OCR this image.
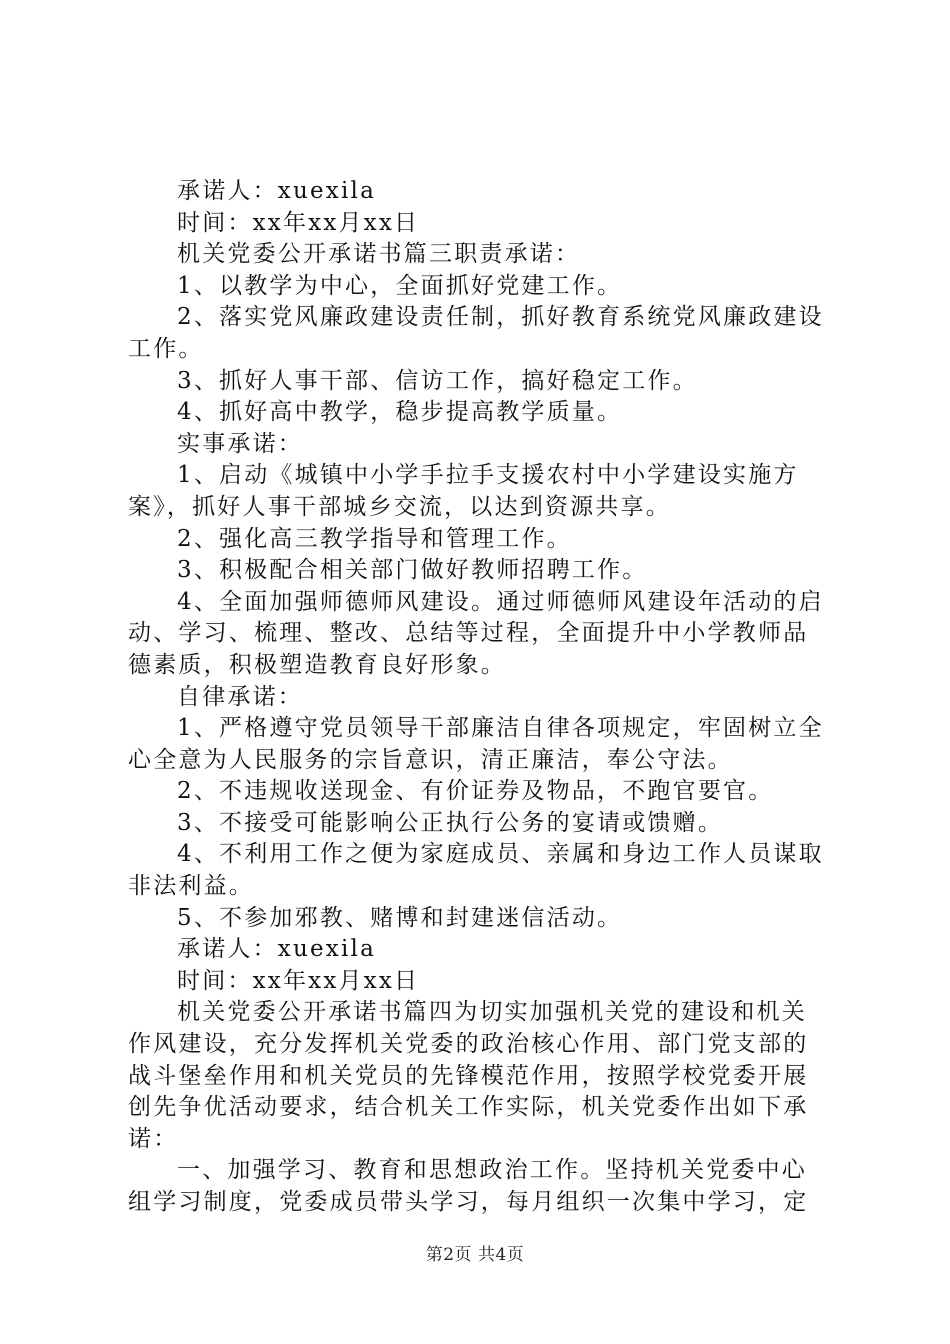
承诺人：xuexila
时间：xx年xx月xx日
机关党委公开承诺书篇三职责承诺：
1、以教学为中心，全面抓好党建工作。
2、落实党风廉政建设责任制，抓好教育系统党风廉政建设
工作。
3、抓好人事干部、信访工作，搞好稳定工作。
4、抓好高中教学，稳步提高教学质量。
实事承诺：
1、启动《城镇中小学手拉手支援农村中小学建设实施方
案》，抓好人事干部城乡交流，以达到资源共享。
2、强化高三教学指导和管理工作。
3、积极配合相关部门做好教师招聘工作。
4、全面加强师德师风建设。通过师德师风建设年活动的启
动、学习、梳理、整改、总结等过程，全面提升中小学教师品
德素质，积极塑造教育良好形象。
自律承诺：
1、严格遵守党员领导干部廉洁自律各项规定，牢固树立全
心全意为人民服务的宗旨意识，清正廉洁，奉公守法。
2、不违规收送现金、有价证券及物品，不跑官要官。
3、不接受可能影响公正执行公务的宴请或馈赠。
4、不利用工作之便为家庭成员、亲属和身边工作人员谋取
非法利益。
5、不参加邪教、赌博和封建迷信活动。
承诺人：xuexila
时间：xx年xx月xx日
机关党委公开承诺书篇四为切实加强机关党的建设和机关
作风建设，充分发挥机关党委的政治核心作用、部门党支部的
战斗堡垒作用和机关党员的先锋模范作用，按照学校党委开展
创先争优活动要求，结合机关工作实际，机关党委作出如下承
诺：
一、加强学习、教育和思想政治工作。坚持机关党委中心
组学习制度，党委成员带头学习，每月组织一次集中学习，定
第2页 共4页
